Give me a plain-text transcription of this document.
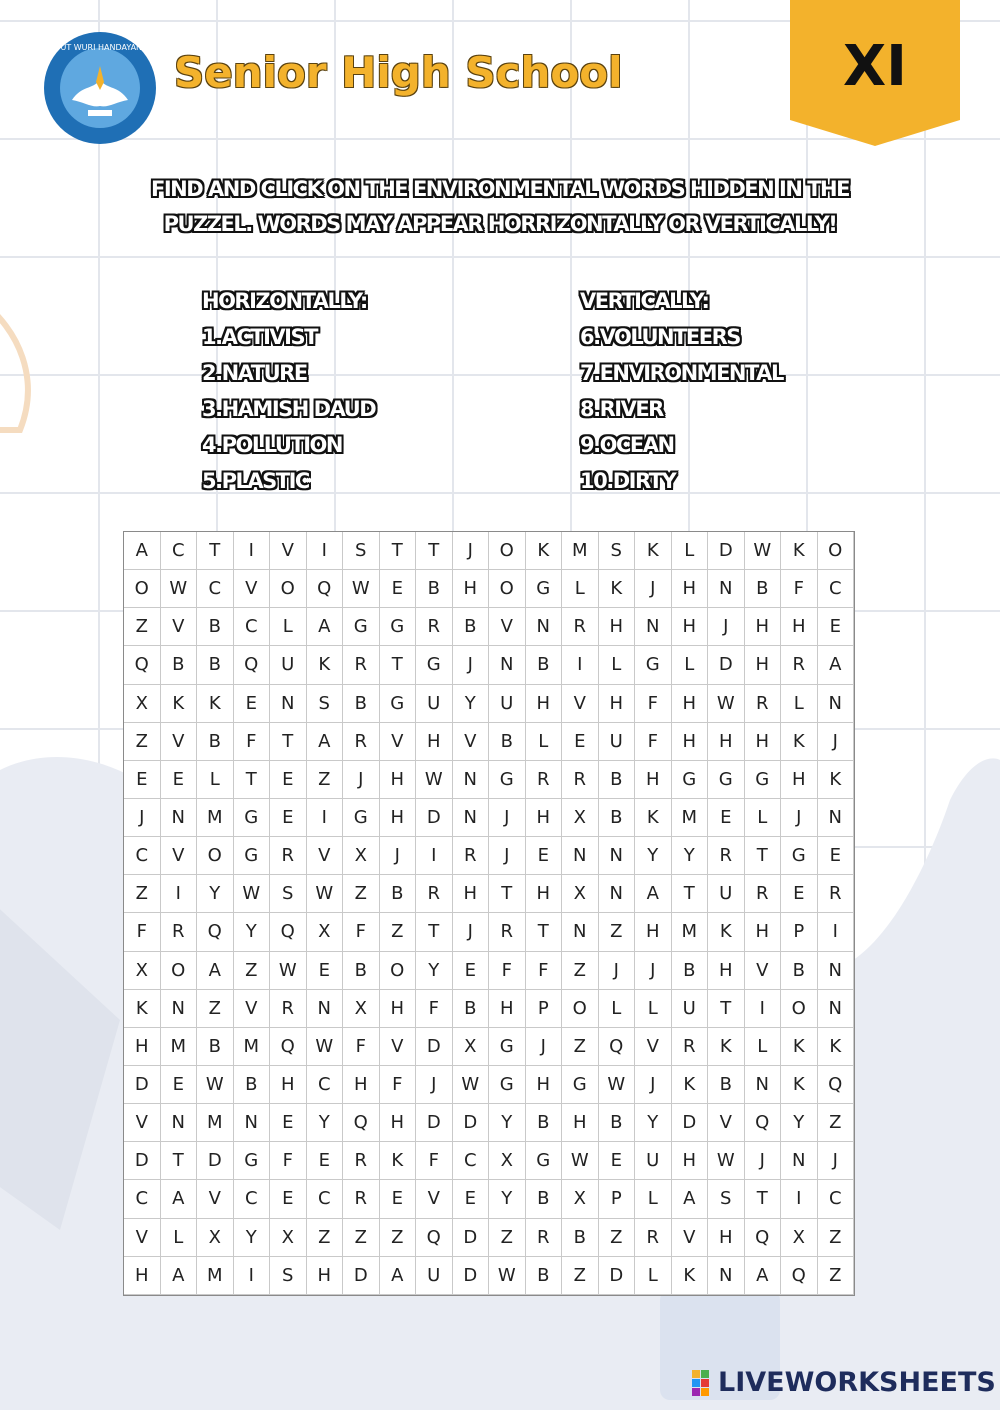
TUT WURI HANDAYANI
Senior High School	XI
FIND AND CLICK ON THE ENVIRONMENTAL WORDS HIDDEN IN THE
PUZZEL. WORDS MAY APPEAR HORRIZONTALLY OR VERTICALLY!
HORIZONTALLY:
1.ACTIVIST
2.NATURE
3.HAMISH DAUD
4.POLLUTION
5.PLASTIC
VERTICALLY:
6.VOLUNTEERS
7.ENVIRONMENTAL
8.RIVER
9.OCEAN
10.DIRTY
A	C	T	I	V	I	S	T	T	J	O	K	M	S	K	L	D	W	K	O
O	W	C	V	O	Q	W	E	B	H	O	G	L	K	J	H	N	B	F	C
Z	V	B	C	L	A	G	G	R	B	V	N	R	H	N	H	J	H	H	E
Q	B	B	Q	U	K	R	T	G	J	N	B	I	L	G	L	D	H	R	A
X	K	K	E	N	S	B	G	U	Y	U	H	V	H	F	H	W	R	L	N
Z	V	B	F	T	A	R	V	H	V	B	L	E	U	F	H	H	H	K	J
E	E	L	T	E	Z	J	H	W	N	G	R	R	B	H	G	G	G	H	K
J	N	M	G	E	I	G	H	D	N	J	H	X	B	K	M	E	L	J	N
C	V	O	G	R	V	X	J	I	R	J	E	N	N	Y	Y	R	T	G	E
Z	I	Y	W	S	W	Z	B	R	H	T	H	X	N	A	T	U	R	E	R
F	R	Q	Y	Q	X	F	Z	T	J	R	T	N	Z	H	M	K	H	P	I
X	O	A	Z	W	E	B	O	Y	E	F	F	Z	J	J	B	H	V	B	N
K	N	Z	V	R	N	X	H	F	B	H	P	O	L	L	U	T	I	O	N
H	M	B	M	Q	W	F	V	D	X	G	J	Z	Q	V	R	K	L	K	K
D	E	W	B	H	C	H	F	J	W	G	H	G	W	J	K	B	N	K	Q
V	N	M	N	E	Y	Q	H	D	D	Y	B	H	B	Y	D	V	Q	Y	Z
D	T	D	G	F	E	R	K	F	C	X	G	W	E	U	H	W	J	N	J
C	A	V	C	E	C	R	E	V	E	Y	B	X	P	L	A	S	T	I	C
V	L	X	Y	X	Z	Z	Z	Q	D	Z	R	B	Z	R	V	H	Q	X	Z
H	A	M	I	S	H	D	A	U	D	W	B	Z	D	L	K	N	A	Q	Z
LIVEWORKSHEETS
